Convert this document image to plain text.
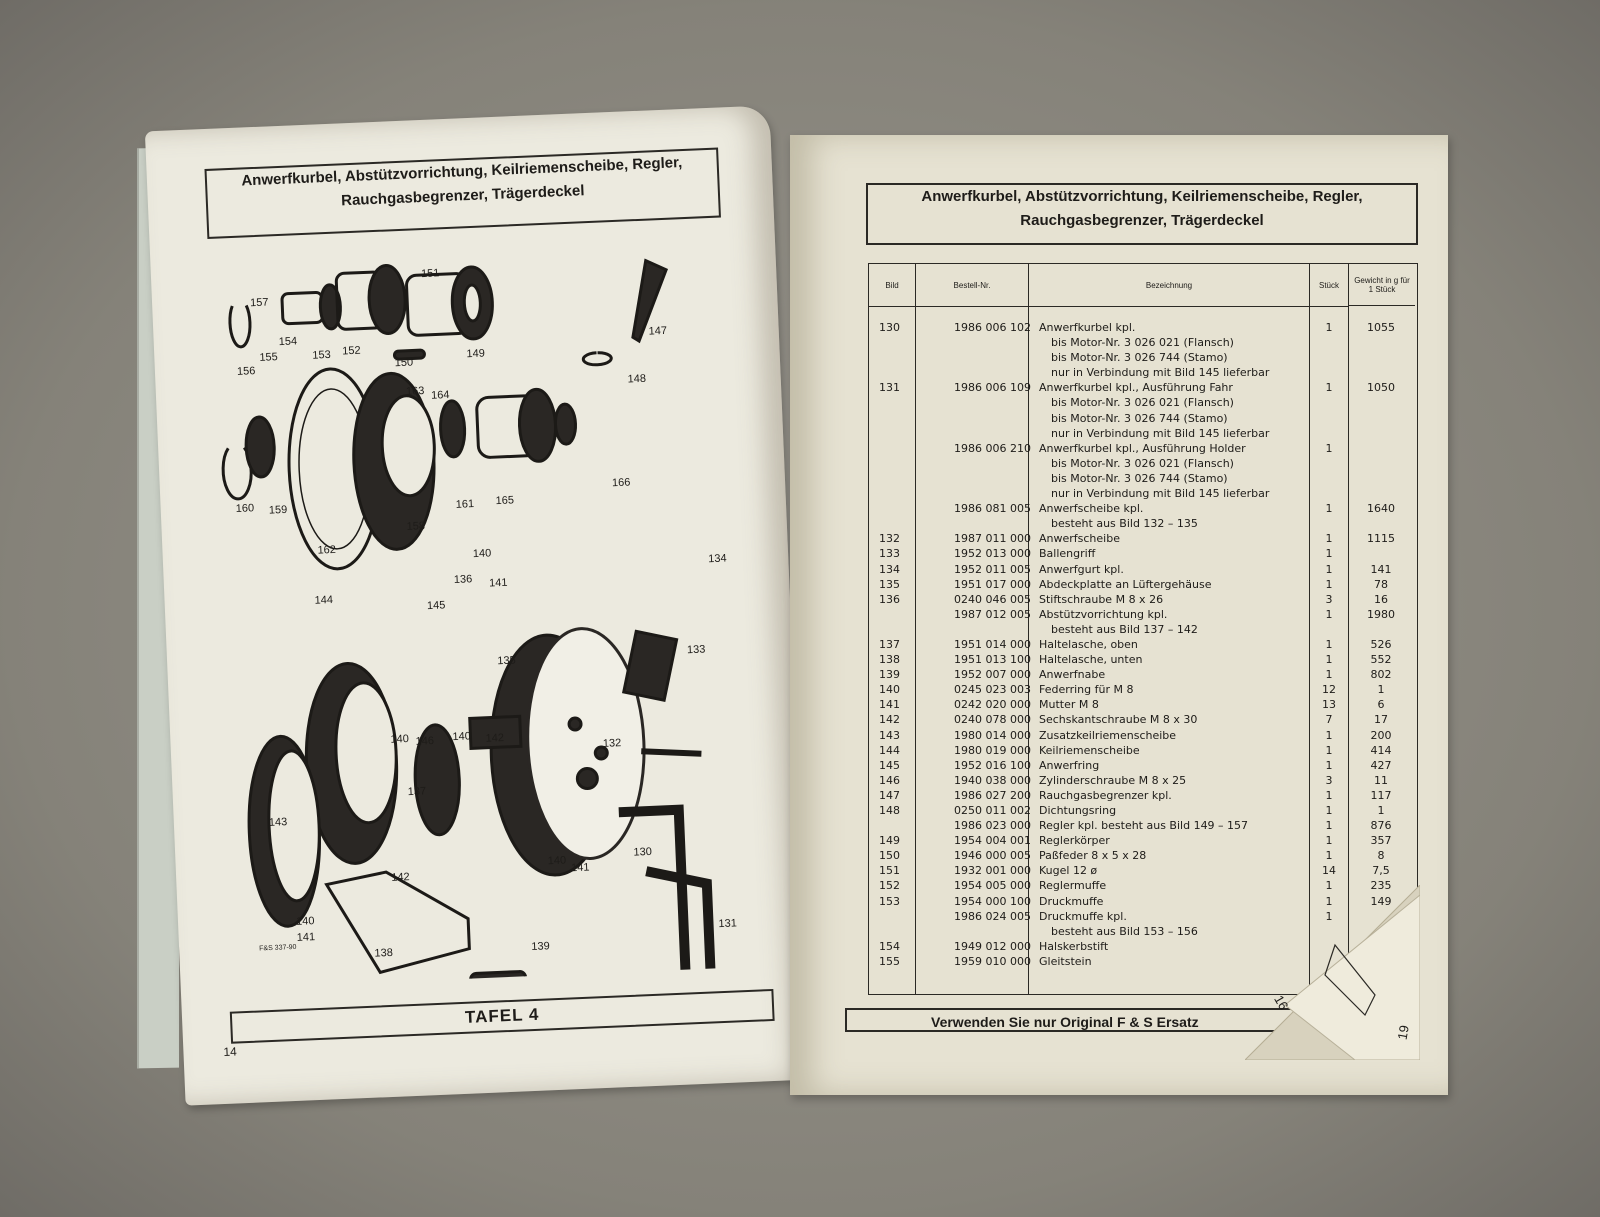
Anwerfkurbel, Abstützvorrichtung, Keilriemenscheibe, Regler,
Rauchgasbegrenzer, Trägerdeckel
157
154
155
156
153 152
151
150
149
147
148
163 164
160 159
158
162
161 165
166
140
136 141
134
144	145
135
133
143
140 146 140 142	132
137
142
130
140
141
140
141
138
139
131
F&S 337-90
TAFEL 4
14
Anwerfkurbel, Abstützvorrichtung, Keilriemenscheibe, Regler,
Rauchgasbegrenzer, Trägerdeckel
Bild	Bestell-Nr.	Bezeichnung	Stück
Gewicht in g für 1 Stück
130	1986 006 102 Anwerfkurbel kpl.	1	1055
bis Motor-Nr. 3 026 021 (Flansch)
bis Motor-Nr. 3 026 744 (Stamo)
nur in Verbindung mit Bild 145 lieferbar
131	1986 006 109 Anwerfkurbel kpl., Ausführung Fahr	1	1050
bis Motor-Nr. 3 026 021 (Flansch)
bis Motor-Nr. 3 026 744 (Stamo)
nur in Verbindung mit Bild 145 lieferbar
1986 006 210 Anwerfkurbel kpl., Ausführung Holder	1
bis Motor-Nr. 3 026 021 (Flansch)
bis Motor-Nr. 3 026 744 (Stamo)
nur in Verbindung mit Bild 145 lieferbar
1986 081 005 Anwerfscheibe kpl.	1	1640
besteht aus Bild 132 – 135
132	1987 011 000 Anwerfscheibe	1	1115
133	1952 013 000 Ballengriff	1
134	1952 011 005 Anwerfgurt kpl.	1	141
135	1951 017 000 Abdeckplatte an Lüftergehäuse	1	78
136	0240 046 005 Stiftschraube M 8 x 26	3	16
1987 012 005 Abstützvorrichtung kpl.	1	1980
besteht aus Bild 137 – 142
137	1951 014 000 Haltelasche, oben	1	526
138	1951 013 100 Haltelasche, unten	1	552
139	1952 007 000 Anwerfnabe	1	802
140	0245 023 003 Federring für M 8	12	1
141	0242 020 000 Mutter M 8	13	6
142	0240 078 000 Sechskantschraube M 8 x 30	7	17
143	1980 014 000 Zusatzkeilriemenscheibe	1	200
144	1980 019 000 Keilriemenscheibe	1	414
145	1952 016 100 Anwerfring	1	427
146	1940 038 000 Zylinderschraube M 8 x 25	3	11
147	1986 027 200 Rauchgasbegrenzer kpl.	1	117
148	0250 011 002 Dichtungsring	1	1
1986 023 000 Regler kpl. besteht aus Bild 149 – 157	1	876
149	1954 004 001 Reglerkörper	1	357
150	1946 000 005 Paßfeder 8 x 5 x 28	1	8
151	1932 001 000 Kugel 12 ø	14	7,5
152	1954 005 000 Reglermuffe	1	235
153	1954 000 100 Druckmuffe	1	149
1986 024 005 Druckmuffe kpl.	1
besteht aus Bild 153 – 156
154	1949 012 000 Halskerbstift
155	1959 010 000 Gleitstein
Verwenden Sie nur Original F & S Ersatz
16
19
